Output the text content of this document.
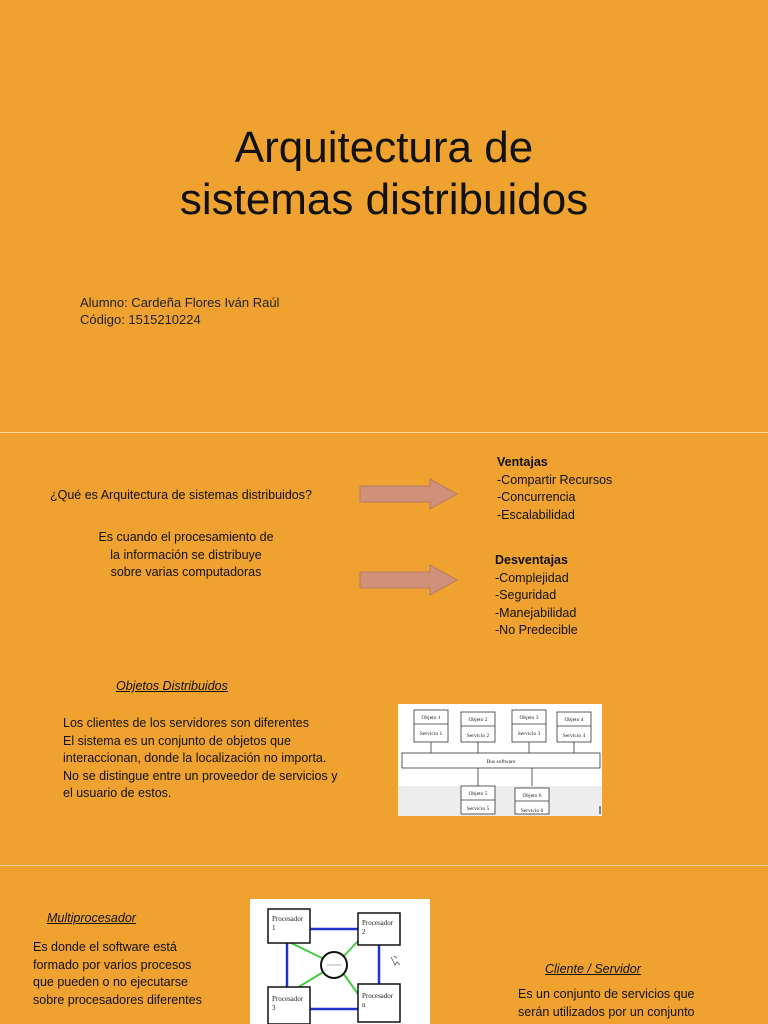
Arquitectura de
sistemas distribuidos
Alumno: Cardeña Flores Iván Raúl
Código: 1515210224
¿Qué es Arquitectura de sistemas distribuidos?
Es cuando el procesamiento de la información se distribuye sobre varias computadoras
Ventajas
-Compartir Recursos
-Concurrencia
-Escalabilidad
Desventajas
-Complejidad
-Seguridad
-Manejabilidad
-No Predecible
Objetos Distribuidos
Los clientes de los servidores son diferentes
El sistema es un conjunto de objetos que
interaccionan, donde la localización no importa.
No se distingue entre un proveedor de servicios y
el usuario de estos.
Objeto 1
Servicio 1
Objeto 2
Servicio 2
Objeto 3
Servicio 3
Objeto 4
Servicio 4
Bus software
Objeto 5
Servicio 5
Objeto 6
Servicio 6
Multiprocesador
Es donde el software está
formado por varios procesos
que pueden o no ejecutarse
sobre procesadores diferentes
Procesador
1
Procesador
2
Procesador
3
Procesador
n
Cliente / Servidor
Es un conjunto de servicios que
serán utilizados por un conjunto
